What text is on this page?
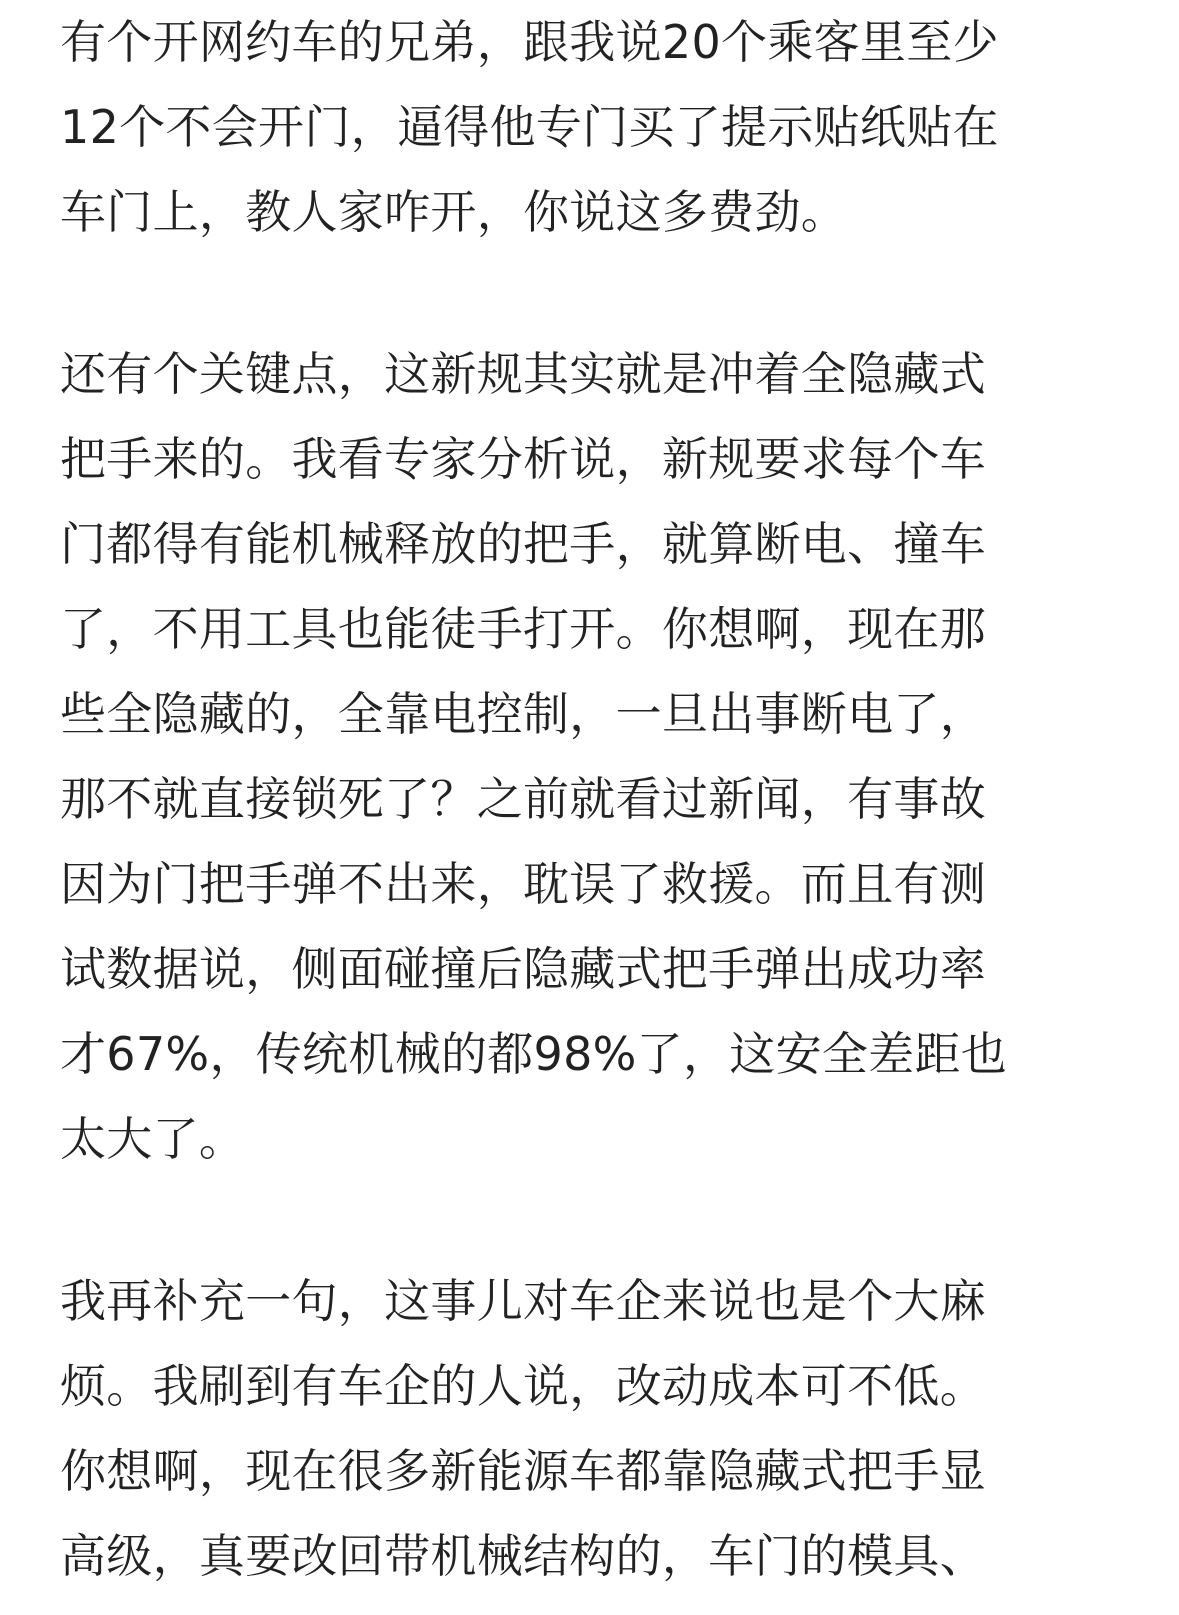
有个开网约车的兄弟，跟我说20个乘客里至少
12个不会开门，逼得他专门买了提示贴纸贴在
车门上，教人家咋开，你说这多费劲。
还有个关键点，这新规其实就是冲着全隐藏式
把手来的。我看专家分析说，新规要求每个车
门都得有能机械释放的把手，就算断电、撞车
了，不用工具也能徒手打开。你想啊，现在那
些全隐藏的，全靠电控制，一旦出事断电了，
那不就直接锁死了？之前就看过新闻，有事故
因为门把手弹不出来，耽误了救援。而且有测
试数据说，侧面碰撞后隐藏式把手弹出成功率
才67%，传统机械的都98%了，这安全差距也
太大了。
我再补充一句，这事儿对车企来说也是个大麻
烦。我刷到有车企的人说，改动成本可不低。
你想啊，现在很多新能源车都靠隐藏式把手显
高级，真要改回带机械结构的，车门的模具、
